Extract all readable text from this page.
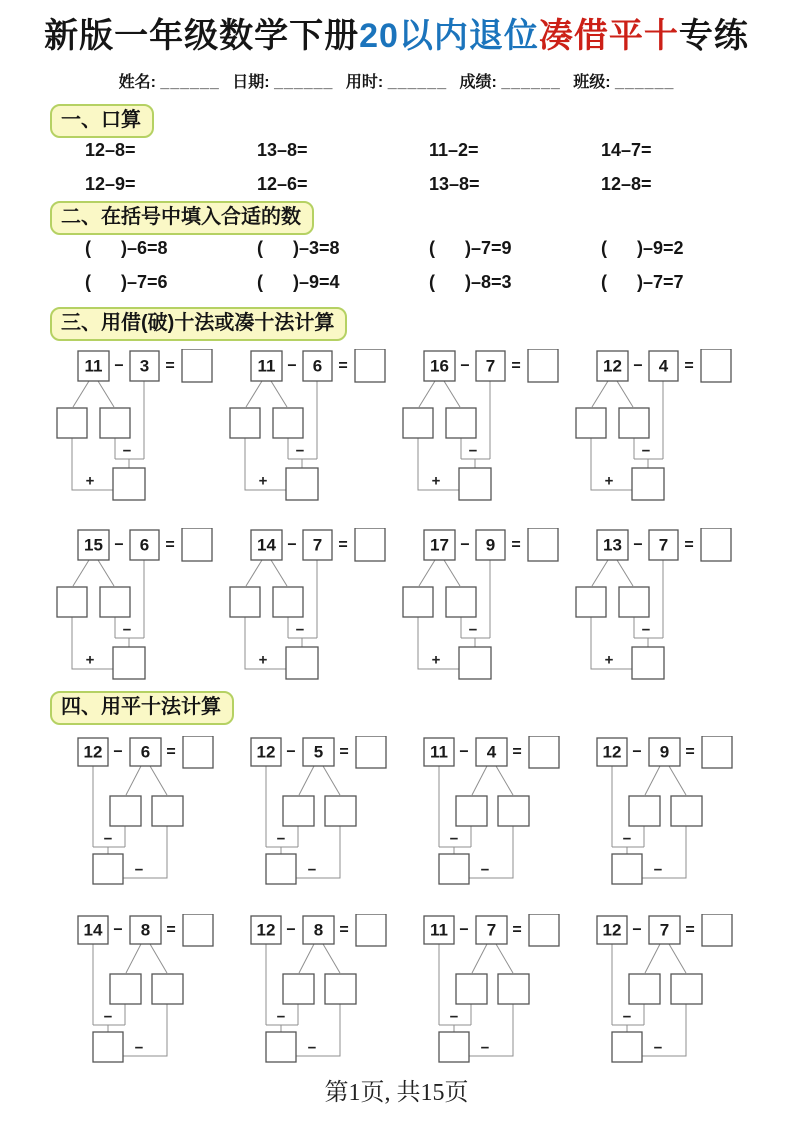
新版一年级数学下册20以内退位凑借平十专练
姓名: ______ 日期: ______ 用时: ______ 成绩: ______ 班级: ______
一、口算
12–8=	13–8=	11–2=	14–7=
12–9=	12–6=	13–8=	12–8=
二、在括号中填入合适的数
(      )–6=8	(      )–3=8	(      )–7=9	(      )–9=2
(      )–7=6	(      )–9=4	(      )–8=3	(      )–7=7
三、用借(破)十法或凑十法计算
11 − 3 =
−
+
11 − 6 =
−
+
16 − 7 =
−
+
12 − 4 =
−
+
15 − 6 =
−
+
14 − 7 =
−
+
17 − 9 =
−
+
13 − 7 =
−
+
四、用平十法计算
12 − 6 =
−
−
12 − 5 =
−
−
11 − 4 =
−
−
12 − 9 =
−
−
14 − 8 =
−
−
12 − 8 =
−
−
11 − 7 =
−
−
12 − 7 =
−
−
第1页, 共15页
